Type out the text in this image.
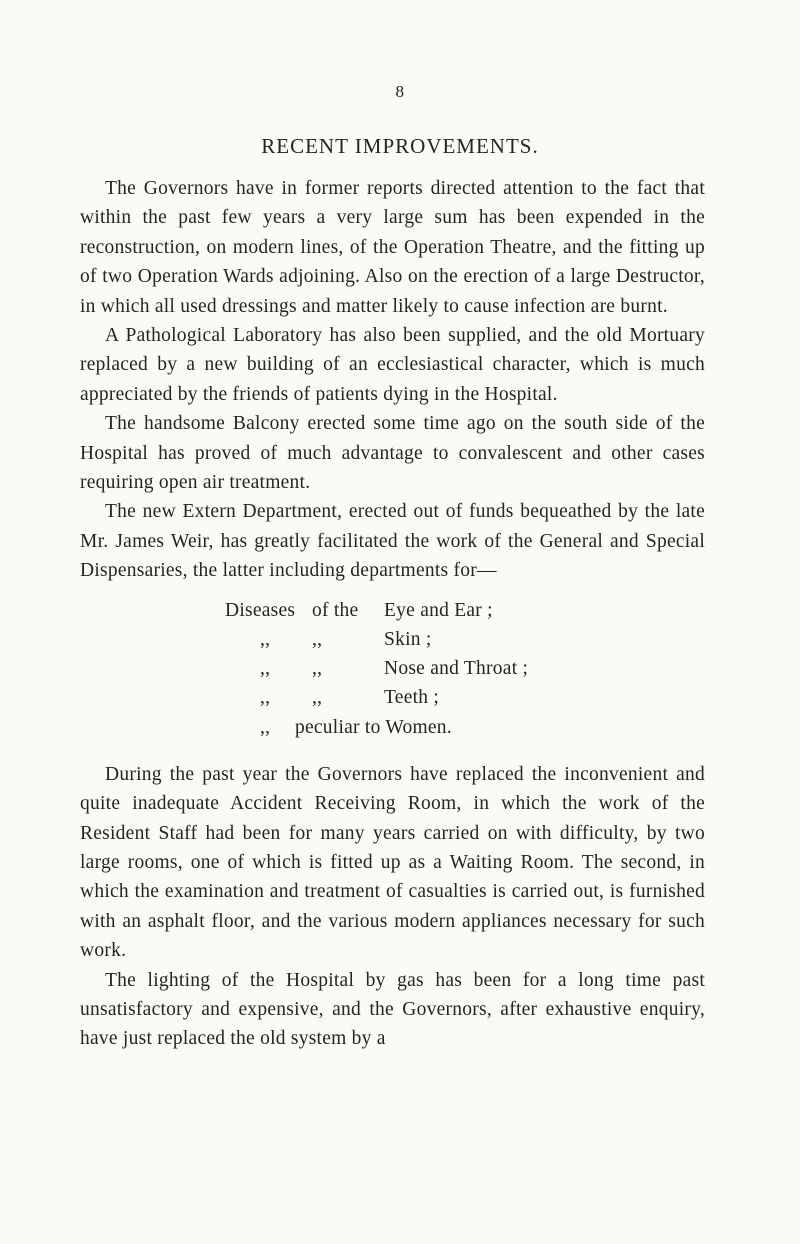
8
RECENT IMPROVEMENTS.

The Governors have in former reports directed attention to the fact that within the past few years a very large sum has been expended in the reconstruction, on modern lines, of the Operation Theatre, and the fitting up of two Operation Wards adjoining. Also on the erection of a large Destructor, in which all used dressings and matter likely to cause infection are burnt.

A Pathological Laboratory has also been supplied, and the old Mortuary replaced by a new building of an ecclesiastical character, which is much appreciated by the friends of patients dying in the Hospital.

The handsome Balcony erected some time ago on the south side of the Hospital has proved of much advantage to convalescent and other cases requiring open air treatment.

The new Extern Department, erected out of funds bequeathed by the late Mr. James Weir, has greatly facilitated the work of the General and Special Dispensaries, the latter including departments for—

Diseases of the	Eye and Ear ;
,,	,,	Skin ;
,,	,,	Nose and Throat ;
,,	,,	Teeth ;
,,	peculiar to Women.

During the past year the Governors have replaced the inconvenient and quite inadequate Accident Receiving Room, in which the work of the Resident Staff had been for many years carried on with difficulty, by two large rooms, one of which is fitted up as a Waiting Room. The second, in which the examination and treatment of casualties is carried out, is furnished with an asphalt floor, and the various modern appliances necessary for such work.

The lighting of the Hospital by gas has been for a long time past unsatisfactory and expensive, and the Governors, after exhaustive enquiry, have just replaced the old system by a
